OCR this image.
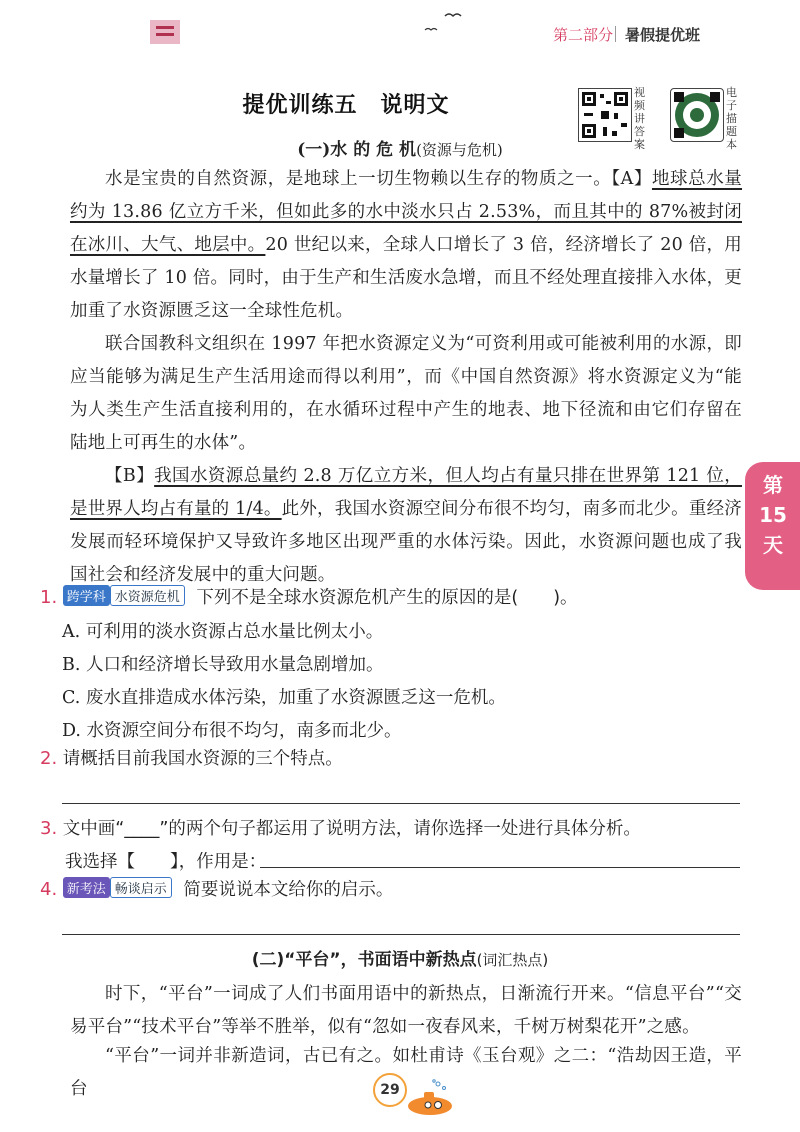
第二部分 暑假提优班
提优训练五　说明文
视频讲答案
电子描题本
(一)水 的 危 机(资源与危机)
水是宝贵的自然资源，是地球上一切生物赖以生存的物质之一。【A】地球总水量约为 13.86 亿立方千米，但如此多的水中淡水只占 2.53%，而且其中的 87%被封闭在冰川、大气、地层中。20 世纪以来，全球人口增长了 3 倍，经济增长了 20 倍，用水量增长了 10 倍。同时，由于生产和生活废水急增，而且不经处理直接排入水体，更加重了水资源匮乏这一全球性危机。
联合国教科文组织在 1997 年把水资源定义为“可资利用或可能被利用的水源，即应当能够为满足生产生活用途而得以利用”，而《中国自然资源》将水资源定义为“能为人类生产生活直接利用的，在水循环过程中产生的地表、地下径流和由它们存留在陆地上可再生的水体”。
【B】我国水资源总量约 2.8 万亿立方米，但人均占有量只排在世界第 121 位，是世界人均占有量的 1/4。此外，我国水资源空间分布很不均匀，南多而北少。重经济发展而轻环境保护又导致许多地区出现严重的水体污染。因此，水资源问题也成了我国社会和经济发展中的重大问题。
第15天
1. 跨学科 水资源危机 下列不是全球水资源危机产生的原因的是(　　)。
A. 可利用的淡水资源占总水量比例太小。
B. 人口和经济增长导致用水量急剧增加。
C. 废水直排造成水体污染，加重了水资源匮乏这一危机。
D. 水资源空间分布很不均匀，南多而北少。
2. 请概括目前我国水资源的三个特点。
3. 文中画“____”的两个句子都运用了说明方法，请你选择一处进行具体分析。
我选择【　　】，作用是：
4. 新考法 畅谈启示 简要说说本文给你的启示。
(二)“平台”，书面语中新热点(词汇热点)
时下，“平台”一词成了人们书面用语中的新热点，日渐流行开来。“信息平台”“交易平台”“技术平台”等举不胜举，似有“忽如一夜春风来，千树万树梨花开”之感。
“平台”一词并非新造词，古已有之。如杜甫诗《玉台观》之二：“浩劫因王造，平台	29
